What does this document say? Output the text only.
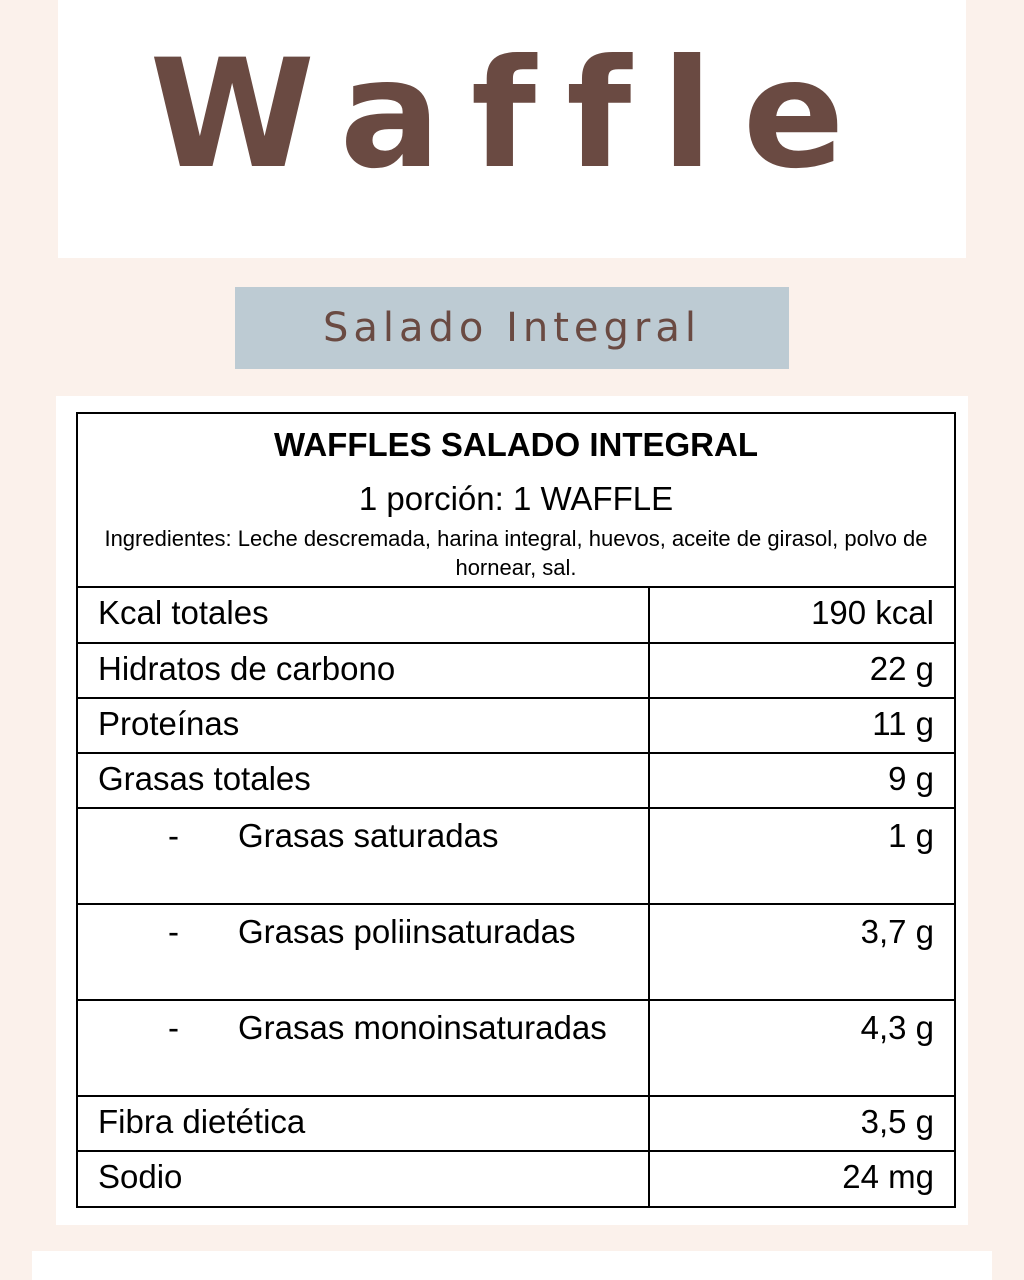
Waffle
Salado Integral
WAFFLES SALADO INTEGRAL
1 porción: 1 WAFFLE
Ingredientes: Leche descremada, harina integral, huevos, aceite de girasol, polvo de hornear, sal.
Kcal totales	190 kcal
Hidratos de carbono	22 g
Proteínas	11 g
Grasas totales	9 g
- Grasas saturadas	1 g
- Grasas poliinsaturadas	3,7 g
- Grasas monoinsaturadas	4,3 g
Fibra dietética	3,5 g
Sodio	24 mg
